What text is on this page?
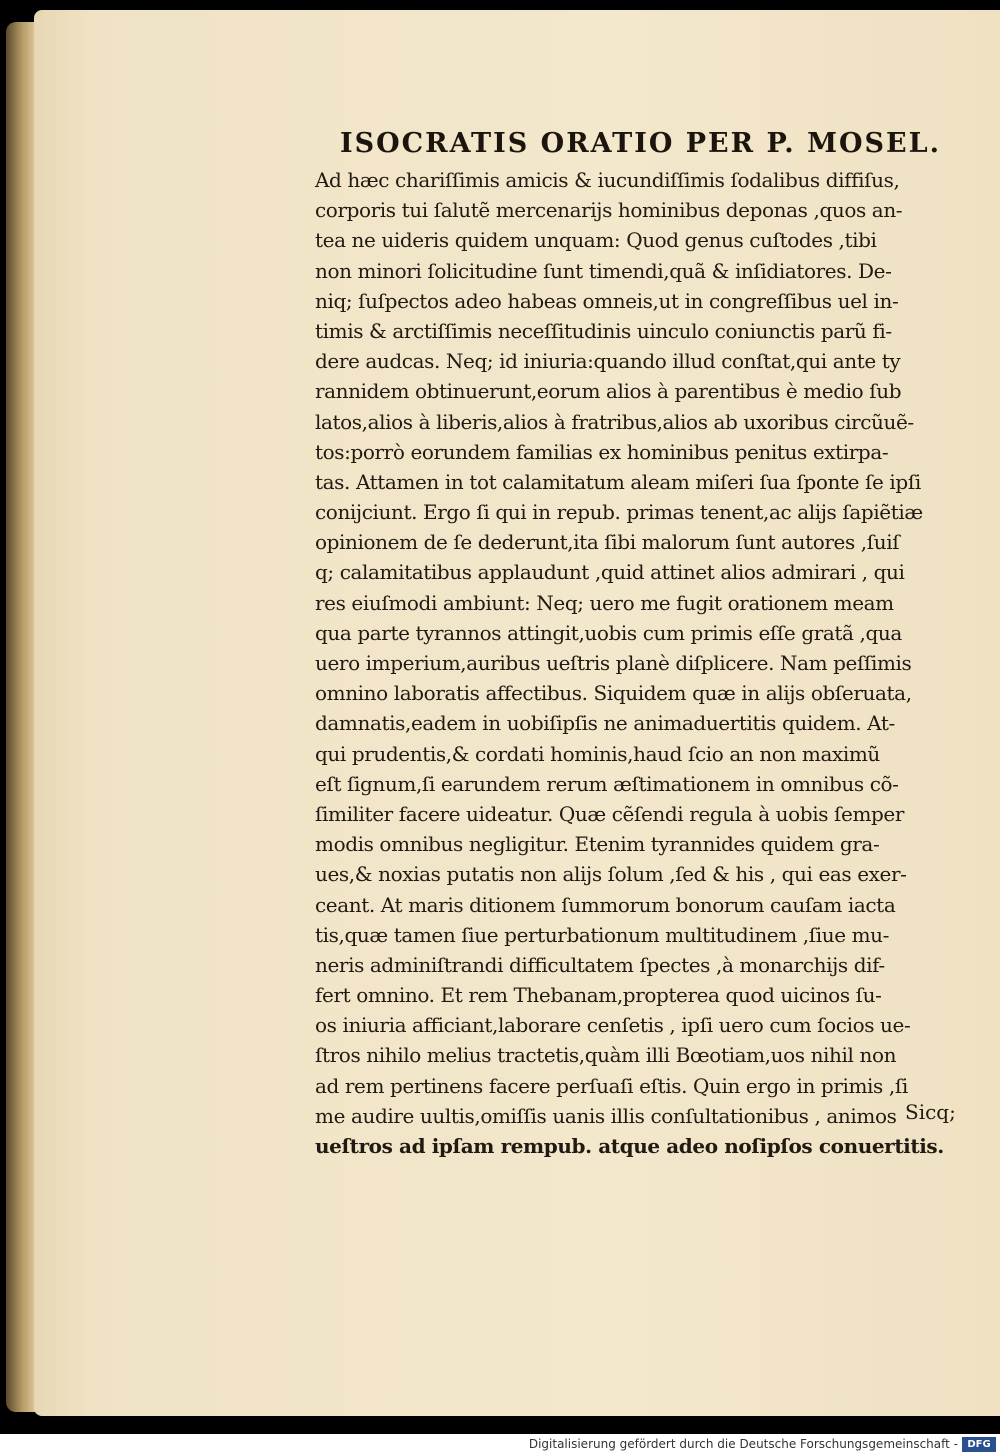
ISOCRATIS ORATIO PER P. MOSEL.
Ad hæc chariſſimis amicis & iucundiſſimis ſodalibus diffiſus,
corporis tui ſalutẽ mercenarijs hominibus deponas ,quos an-
tea ne uideris quidem unquam: Quod genus cuſtodes ,tibi
non minori ſolicitudine ſunt timendi,quã & inſidiatores. De-
niq; ſuſpectos adeo habeas omneis,ut in congreſſibus uel in-
timis & arctiſſimis neceſſitudinis uinculo coniunctis parũ fi-
dere audcas. Neq; id iniuria:quando illud conſtat,qui ante ty
rannidem obtinuerunt,eorum alios à parentibus è medio ſub
latos,alios à liberis,alios à fratribus,alios ab uxoribus circũuẽ-
tos:porrò eorundem familias ex hominibus penitus extirpa-
tas. Attamen in tot calamitatum aleam miſeri ſua ſponte ſe ipſi
conijciunt. Ergo ſi qui in repub. primas tenent,ac alijs ſapiẽtiæ
opinionem de ſe dederunt,ita ſibi malorum ſunt autores ,ſuiſ
q; calamitatibus applaudunt ,quid attinet alios admirari , qui
res eiuſmodi ambiunt: Neq; uero me fugit orationem meam
qua parte tyrannos attingit,uobis cum primis eſſe gratã ,qua
uero imperium,auribus ueſtris planè diſplicere. Nam peſſimis
omnino laboratis affectibus. Siquidem quæ in alijs obſeruata,
damnatis,eadem in uobiſipſis ne animaduertitis quidem. At-
qui prudentis,& cordati hominis,haud ſcio an non maximũ
eſt ſignum,ſi earundem rerum æſtimationem in omnibus cõ-
ſimiliter facere uideatur. Quæ cẽſendi regula à uobis ſemper
modis omnibus negligitur. Etenim tyrannides quidem gra-
ues,& noxias putatis non alijs ſolum ,ſed & his , qui eas exer-
ceant. At maris ditionem ſummorum bonorum cauſam iacta
tis,quæ tamen ſiue perturbationum multitudinem ,ſiue mu-
neris adminiſtrandi difficultatem ſpectes ,à monarchijs dif-
fert omnino. Et rem Thebanam,propterea quod uicinos ſu-
os iniuria afficiant,laborare cenſetis , ipſi uero cum ſocios ue-
ſtros nihilo melius tractetis,quàm illi Bœotiam,uos nihil non
ad rem pertinens facere perſuaſi eſtis. Quin ergo in primis ,ſi
me audire uultis,omiſſis uanis illis conſultationibus , animos
ueſtros ad ipſam rempub. atque adeo noſipſos conuertitis.
Sicq;
Digitalisierung gefördert durch die Deutsche Forschungsgemeinschaft - DFG
